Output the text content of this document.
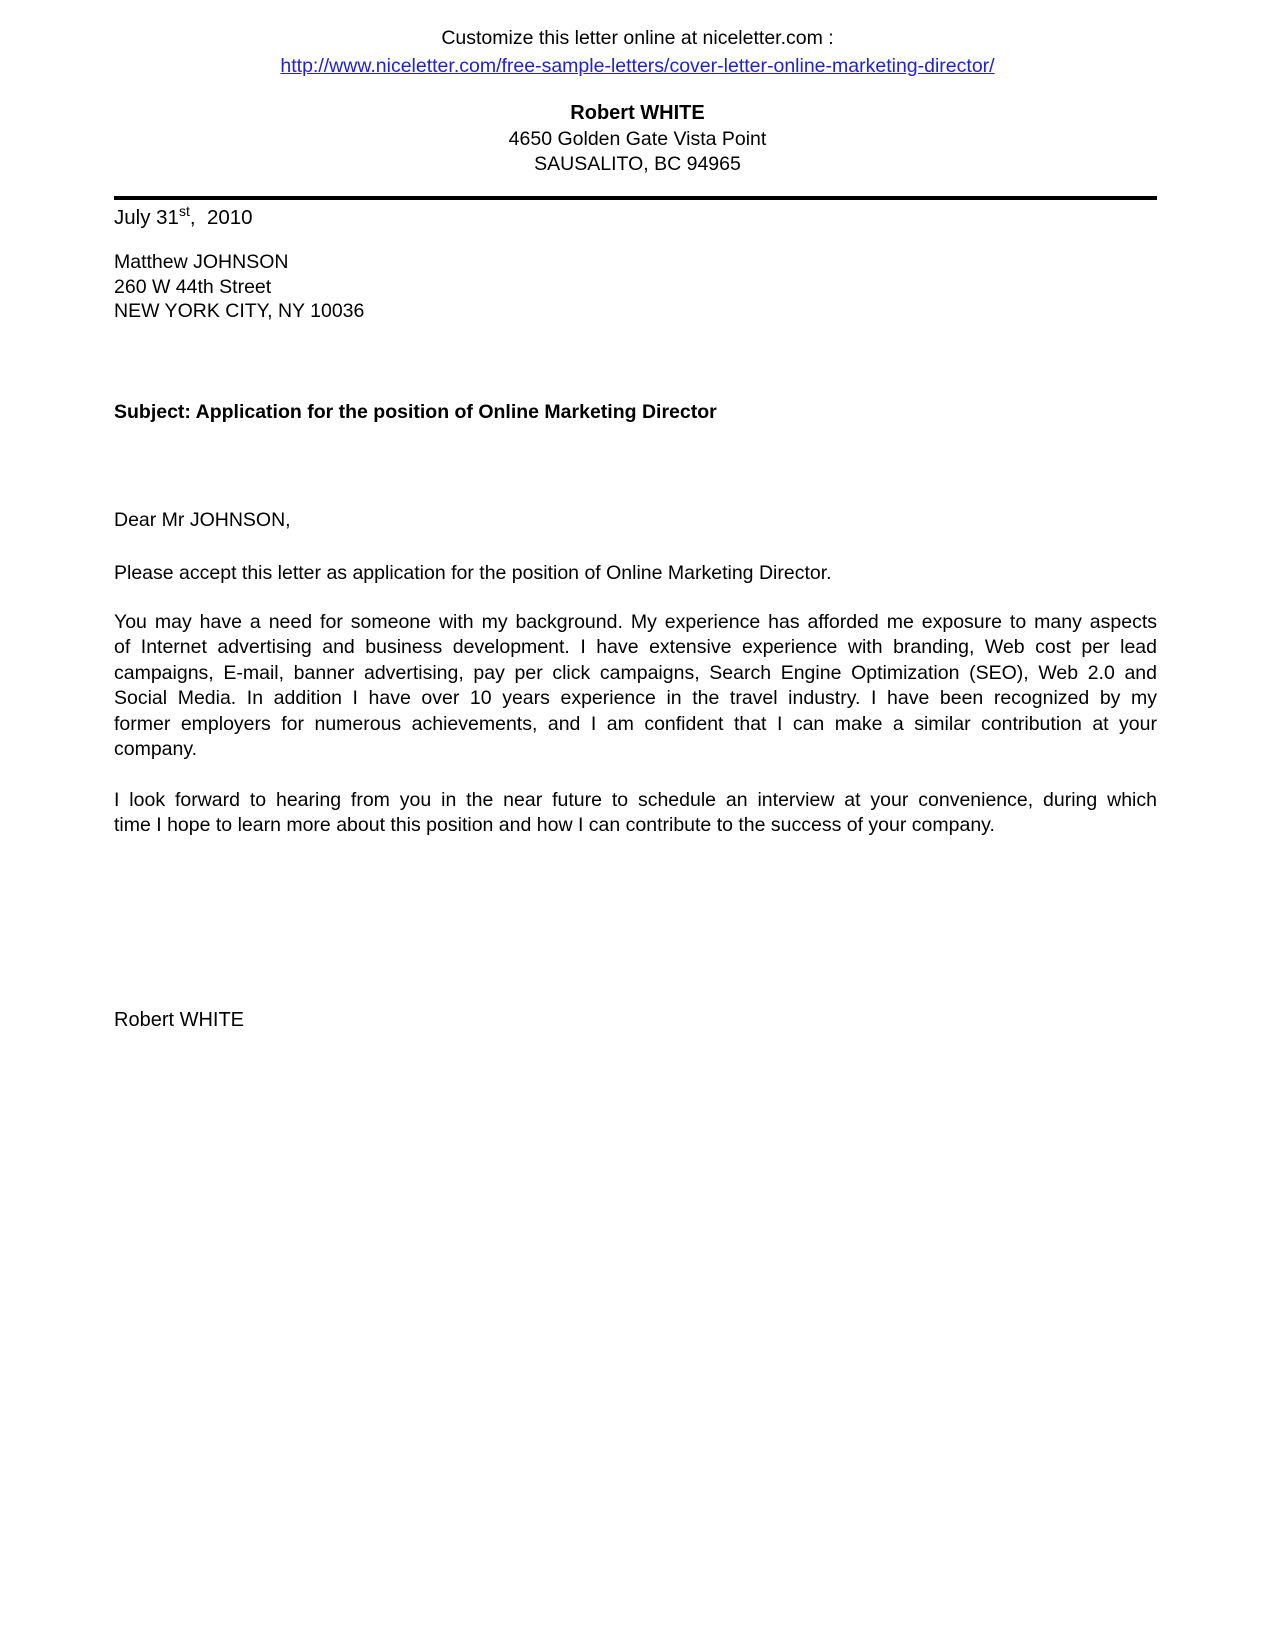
Customize this letter online at niceletter.com :
http://www.niceletter.com/free-sample-letters/cover-letter-online-marketing-director/
Robert WHITE
4650 Golden Gate Vista Point
SAUSALITO, BC 94965
July 31st,  2010
Matthew JOHNSON
260 W 44th Street
NEW YORK CITY, NY 10036
Subject: Application for the position of Online Marketing Director
Dear Mr JOHNSON,
Please accept this letter as application for the position of Online Marketing Director.
You may have a need for someone with my background. My experience has afforded me exposure to many aspects
of Internet advertising and business development. I have extensive experience with branding, Web cost per lead
campaigns, E-mail, banner advertising, pay per click campaigns, Search Engine Optimization (SEO), Web 2.0 and
Social Media. In addition I have over 10 years experience in the travel industry. I have been recognized by my
former employers for numerous achievements, and I am confident that I can make a similar contribution at your
company.
I look forward to hearing from you in the near future to schedule an interview at your convenience, during which
time I hope to learn more about this position and how I can contribute to the success of your company.
Robert WHITE
